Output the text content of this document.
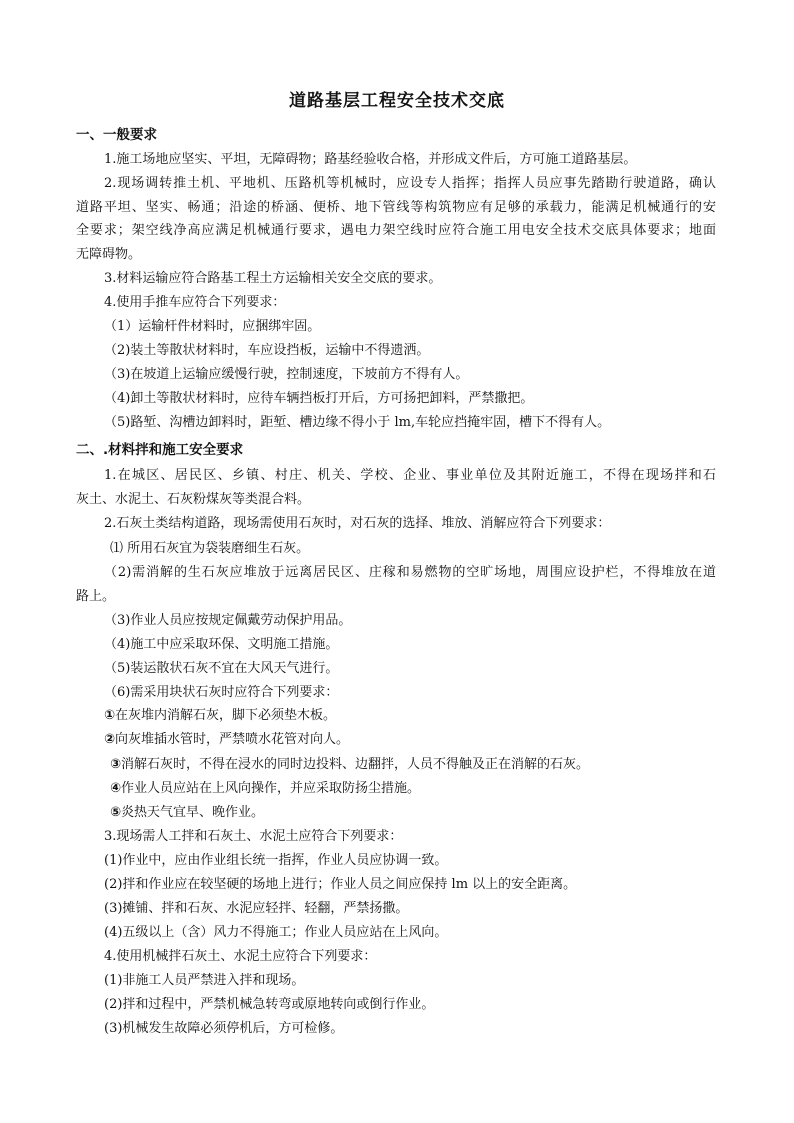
道路基层工程安全技术交底
一、一般要求
1.施工场地应坚实、平坦，无障碍物；路基经验收合格，并形成文件后，方可施工道路基层。
2.现场调转推土机、平地机、压路机等机械时，应设专人指挥；指挥人员应事先踏勘行驶道路，确认
道路平坦、坚实、畅通；沿途的桥涵、便桥、地下管线等构筑物应有足够的承载力，能满足机械通行的安
全要求；架空线净高应满足机械通行要求，遇电力架空线时应符合施工用电安全技术交底具体要求；地面
无障碍物。
3.材料运输应符合路基工程土方运输相关安全交底的要求。
4.使用手推车应符合下列要求：
（1）运输杆件材料时，应捆绑牢固。
（2)装土等散状材料时，车应设挡板，运输中不得遗洒。
（3)在坡道上运输应缓慢行驶，控制速度，下坡前方不得有人。
（4)卸土等散状材料时，应待车辆挡板打开后，方可扬把卸料，严禁撒把。
（5)路堑、沟槽边卸料时，距堑、槽边缘不得小于 lm,车轮应挡掩牢固，槽下不得有人。
二、.材料拌和施工安全要求
1.在城区、居民区、乡镇、村庄、机关、学校、企业、事业单位及其附近施工，不得在现场拌和石
灰土、水泥土、石灰粉煤灰等类混合料。
2.石灰土类结构道路，现场需使用石灰时，对石灰的选择、堆放、消解应符合下列要求：
⑴ 所用石灰宜为袋装磨细生石灰。
（2)需消解的生石灰应堆放于远离居民区、庄稼和易燃物的空旷场地，周围应设护栏，不得堆放在道
路上。
（3)作业人员应按规定佩戴劳动保护用品。
（4)施工中应采取环保、文明施工措施。
（5)装运散状石灰不宜在大风天气进行。
（6)需采用块状石灰时应符合下列要求：
①在灰堆内消解石灰，脚下必须垫木板。
②向灰堆插水管时，严禁喷水花管对向人。
③消解石灰时，不得在浸水的同时边投料、边翻拌，人员不得触及正在消解的石灰。
④作业人员应站在上风向操作，并应采取防扬尘措施。
⑤炎热天气宜早、晚作业。
3.现场需人工拌和石灰土、水泥土应符合下列要求：
(1)作业中，应由作业组长统一指挥，作业人员应协调一致。
(2)拌和作业应在较坚硬的场地上进行；作业人员之间应保持 lm 以上的安全距离。
(3)摊铺、拌和石灰、水泥应轻拌、轻翻，严禁扬撒。
(4)五级以上（含）风力不得施工；作业人员应站在上风向。
4.使用机械拌石灰土、水泥土应符合下列要求：
(1)非施工人员严禁进入拌和现场。
(2)拌和过程中，严禁机械急转弯或原地转向或倒行作业。
(3)机械发生故障必须停机后，方可检修。
